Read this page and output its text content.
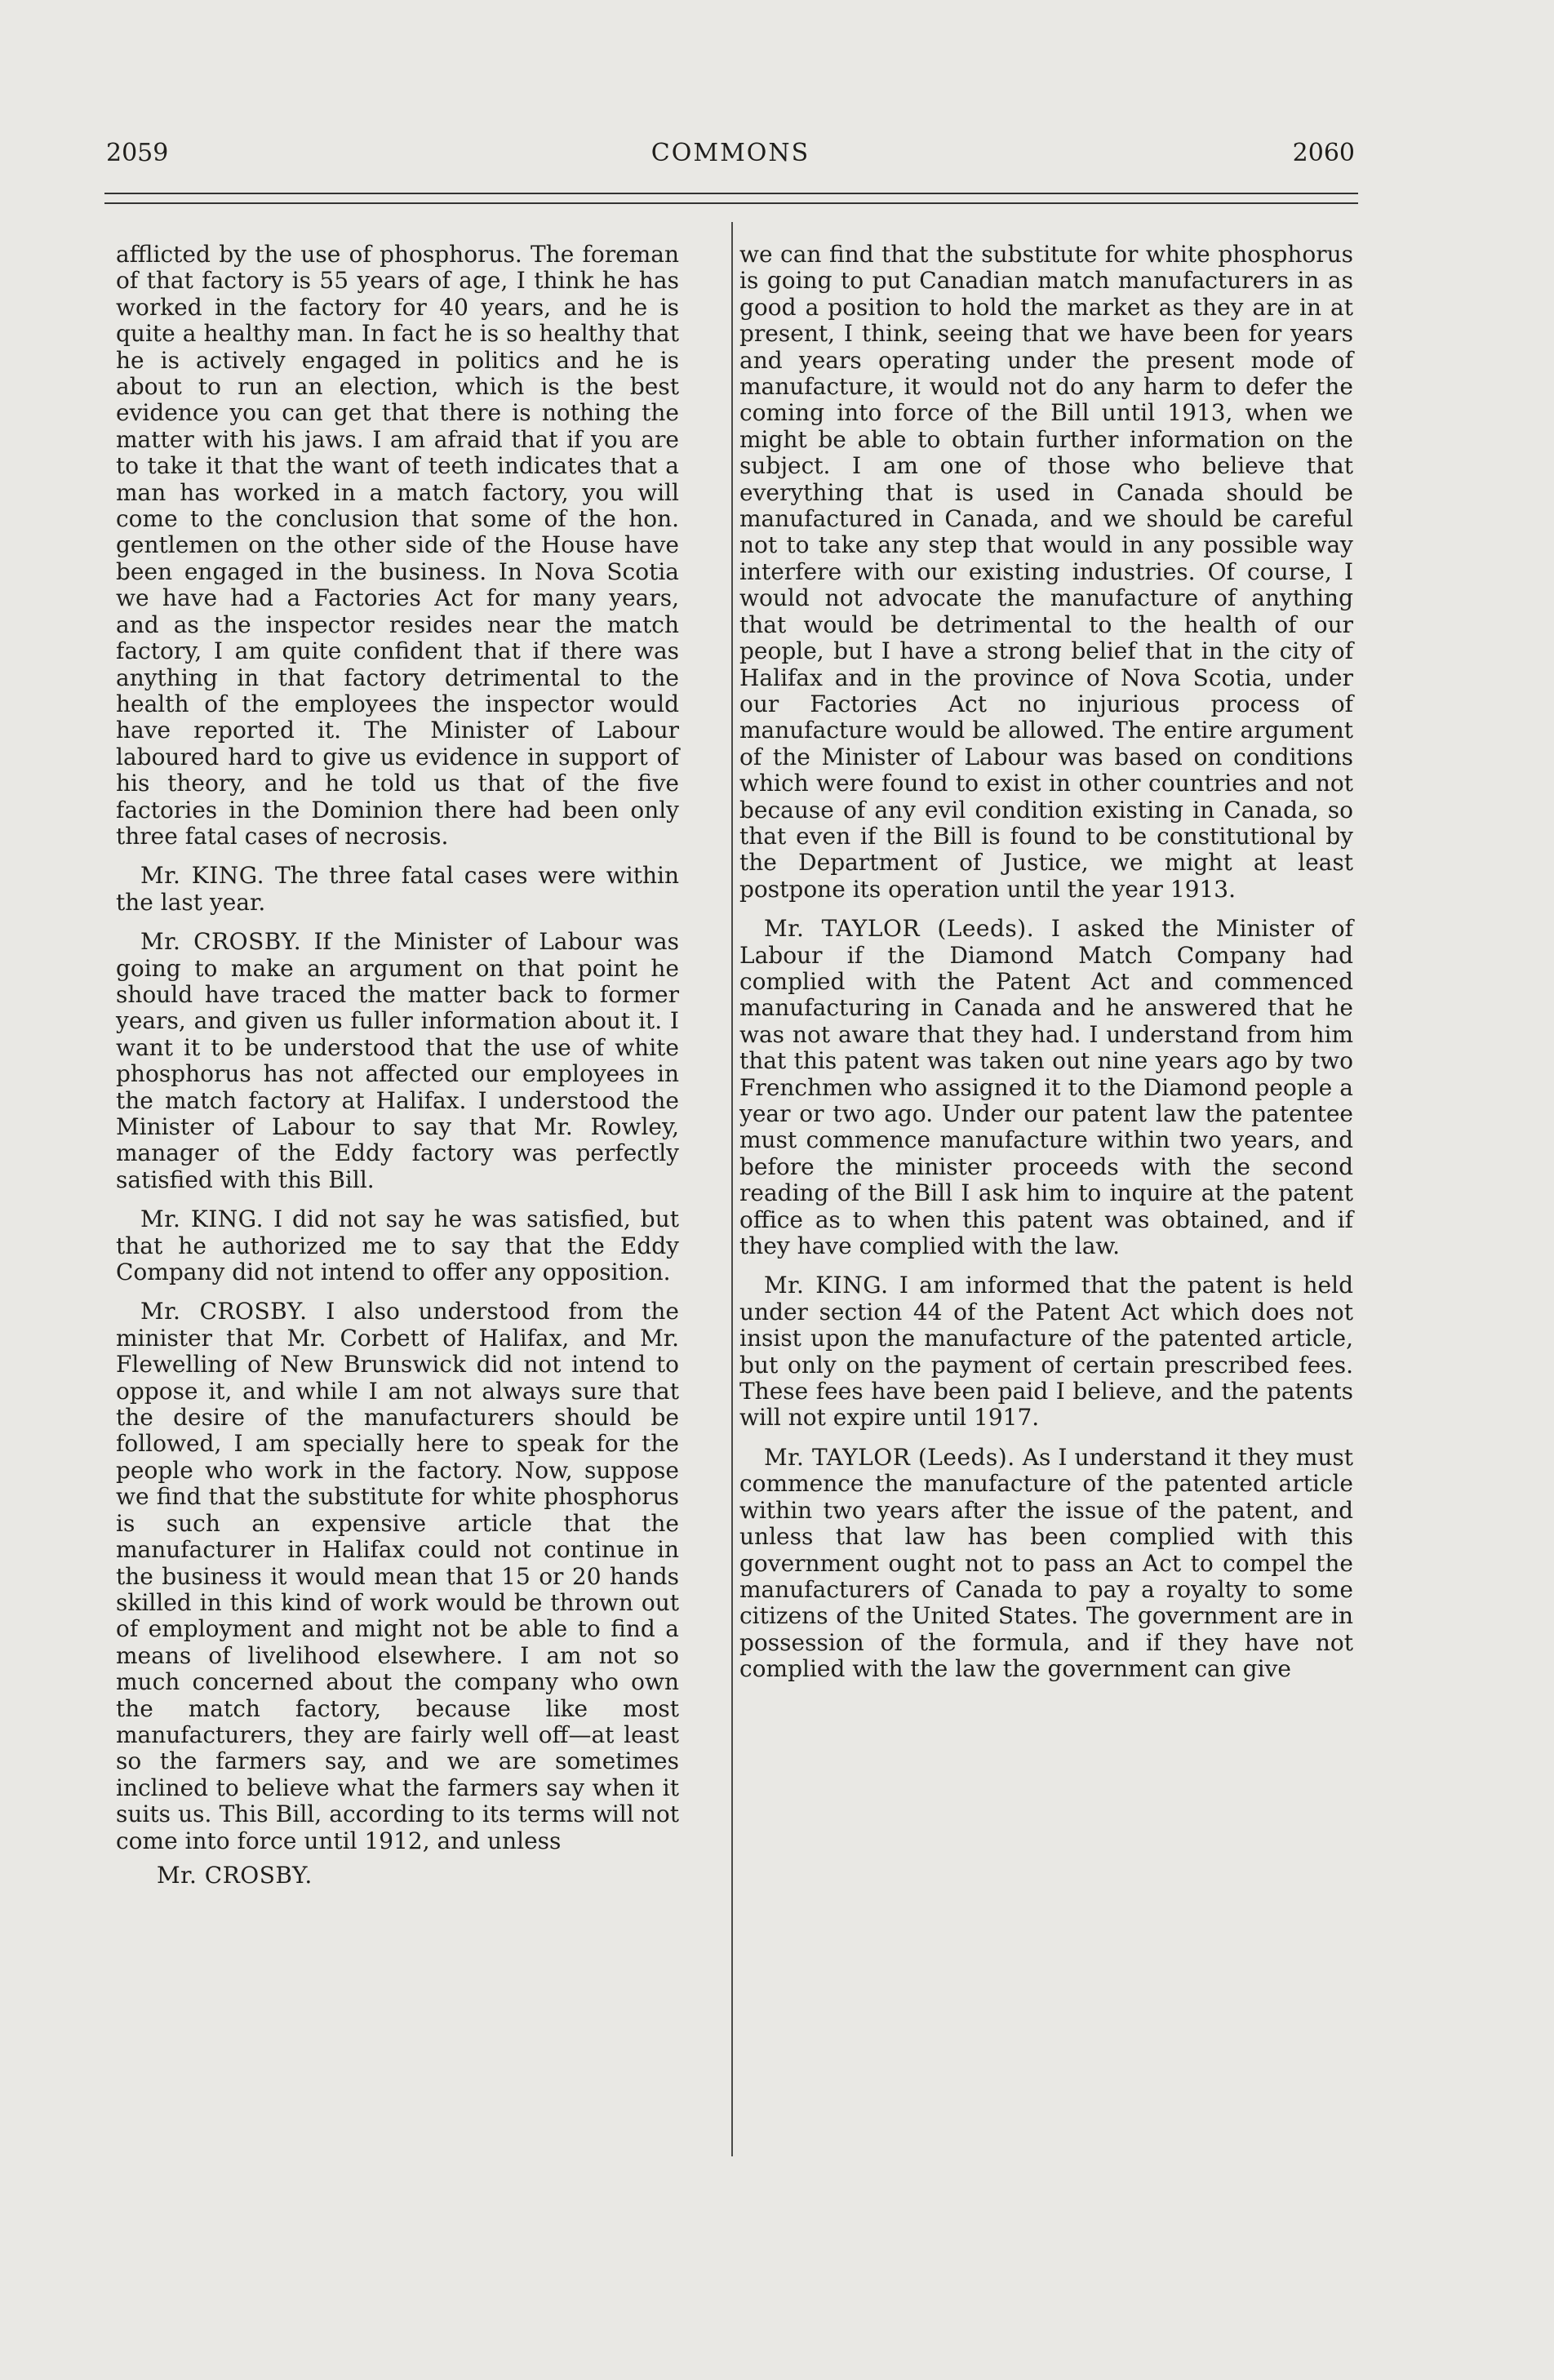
2059	COMMONS	2060

afflicted by the use of phosphorus. The foreman of that factory is 55 years of age, I think he has worked in the factory for 40 years, and he is quite a healthy man. In fact he is so healthy that he is actively engaged in politics and he is about to run an election, which is the best evidence you can get that there is nothing the matter with his jaws. I am afraid that if you are to take it that the want of teeth indicates that a man has worked in a match factory, you will come to the conclusion that some of the hon. gentlemen on the other side of the House have been engaged in the business. In Nova Scotia we have had a Factories Act for many years, and as the inspector resides near the match factory, I am quite confident that if there was anything in that factory detrimental to the health of the employees the inspector would have reported it. The Minister of Labour laboured hard to give us evidence in support of his theory, and he told us that of the five factories in the Dominion there had been only three fatal cases of necrosis.

Mr. KING. The three fatal cases were within the last year.

Mr. CROSBY. If the Minister of Labour was going to make an argument on that point he should have traced the matter back to former years, and given us fuller information about it. I want it to be understood that the use of white phosphorus has not affected our employees in the match factory at Halifax. I understood the Minister of Labour to say that Mr. Rowley, manager of the Eddy factory was perfectly satisfied with this Bill.

Mr. KING. I did not say he was satisfied, but that he authorized me to say that the Eddy Company did not intend to offer any opposition.

Mr. CROSBY. I also understood from the minister that Mr. Corbett of Halifax, and Mr. Flewelling of New Brunswick did not intend to oppose it, and while I am not always sure that the desire of the manufacturers should be followed, I am specially here to speak for the people who work in the factory. Now, suppose we find that the substitute for white phosphorus is such an expensive article that the manufacturer in Halifax could not continue in the business it would mean that 15 or 20 hands skilled in this kind of work would be thrown out of employment and might not be able to find a means of livelihood elsewhere. I am not so much concerned about the company who own the match factory, because like most manufacturers, they are fairly well off—at least so the farmers say, and we are sometimes inclined to believe what the farmers say when it suits us. This Bill, according to its terms will not come into force until 1912, and unless

Mr. CROSBY.

we can find that the substitute for white phosphorus is going to put Canadian match manufacturers in as good a position to hold the market as they are in at present, I think, seeing that we have been for years and years operating under the present mode of manufacture, it would not do any harm to defer the coming into force of the Bill until 1913, when we might be able to obtain further information on the subject. I am one of those who believe that everything that is used in Canada should be manufactured in Canada, and we should be careful not to take any step that would in any possible way interfere with our existing industries. Of course, I would not advocate the manufacture of anything that would be detrimental to the health of our people, but I have a strong belief that in the city of Halifax and in the province of Nova Scotia, under our Factories Act no injurious process of manufacture would be allowed. The entire argument of the Minister of Labour was based on conditions which were found to exist in other countries and not because of any evil condition existing in Canada, so that even if the Bill is found to be constitutional by the Department of Justice, we might at least postpone its operation until the year 1913.

Mr. TAYLOR (Leeds). I asked the Minister of Labour if the Diamond Match Company had complied with the Patent Act and commenced manufacturing in Canada and he answered that he was not aware that they had. I understand from him that this patent was taken out nine years ago by two Frenchmen who assigned it to the Diamond people a year or two ago. Under our patent law the patentee must commence manufacture within two years, and before the minister proceeds with the second reading of the Bill I ask him to inquire at the patent office as to when this patent was obtained, and if they have complied with the law.

Mr. KING. I am informed that the patent is held under section 44 of the Patent Act which does not insist upon the manufacture of the patented article, but only on the payment of certain prescribed fees. These fees have been paid I believe, and the patents will not expire until 1917.

Mr. TAYLOR (Leeds). As I understand it they must commence the manufacture of the patented article within two years after the issue of the patent, and unless that law has been complied with this government ought not to pass an Act to compel the manufacturers of Canada to pay a royalty to some citizens of the United States. The government are in possession of the formula, and if they have not complied with the law the government can give
